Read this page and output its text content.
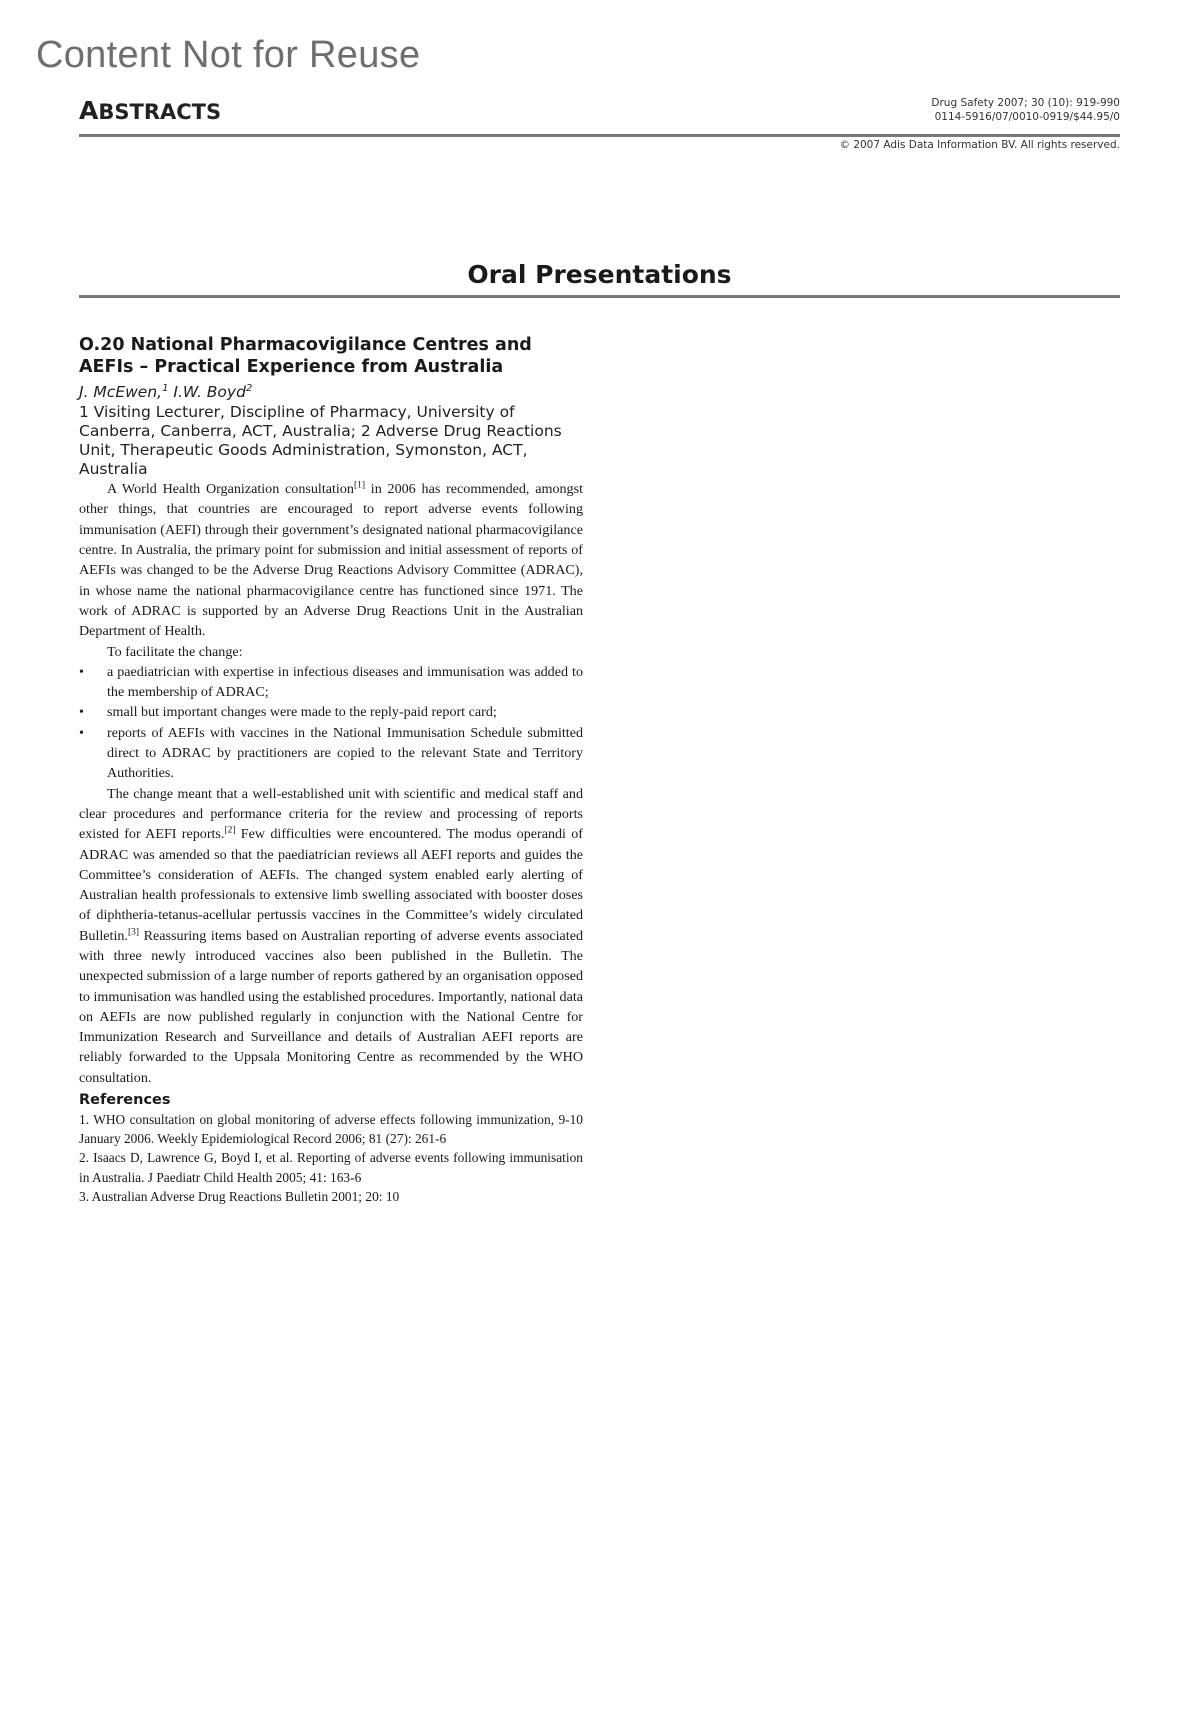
Content Not for Reuse
ABSTRACTS	Drug Safety 2007; 30 (10): 919-990
0114-5916/07/0010-0919/$44.95/0
© 2007 Adis Data Information BV. All rights reserved.
Oral Presentations
O.20 National Pharmacovigilance Centres and AEFIs – Practical Experience from Australia
J. McEwen,$^1$ I.W. Boyd$^2$
1 Visiting Lecturer, Discipline of Pharmacy, University of Canberra, Canberra, ACT, Australia; 2 Adverse Drug Reactions Unit, Therapeutic Goods Administration, Symonston, ACT, Australia

A World Health Organization consultation[1] in 2006 has recommended, amongst other things, that countries are encouraged to report adverse events following immunisation (AEFI) through their government’s designated national pharmacovigilance centre. In Australia, the primary point for submission and initial assessment of reports of AEFIs was changed to be the Adverse Drug Reactions Advisory Committee (ADRAC), in whose name the national pharmacovigilance centre has functioned since 1971. The work of ADRAC is supported by an Adverse Drug Reactions Unit in the Australian Department of Health.

To facilitate the change:

• a paediatrician with expertise in infectious diseases and immunisation was added to the membership of ADRAC;
• small but important changes were made to the reply-paid report card;
• reports of AEFIs with vaccines in the National Immunisation Schedule submitted direct to ADRAC by practitioners are copied to the relevant State and Territory Authorities.

The change meant that a well-established unit with scientific and medical staff and clear procedures and performance criteria for the review and processing of reports existed for AEFI reports.[2] Few difficulties were encountered. The modus operandi of ADRAC was amended so that the paediatrician reviews all AEFI reports and guides the Committee’s consideration of AEFIs. The changed system enabled early alerting of Australian health professionals to extensive limb swelling associated with booster doses of diphtheria-tetanus-acellular pertussis vaccines in the Committee’s widely circulated Bulletin.[3] Reassuring items based on Australian reporting of adverse events associated with three newly introduced vaccines also been published in the Bulletin. The unexpected submission of a large number of reports gathered by an organisation opposed to immunisation was handled using the established procedures. Importantly, national data on AEFIs are now published regularly in conjunction with the National Centre for Immunization Research and Surveillance and details of Australian AEFI reports are reliably forwarded to the Uppsala Monitoring Centre as recommended by the WHO consultation.

References

1. WHO consultation on global monitoring of adverse effects following immunization, 9-10 January 2006. Weekly Epidemiological Record 2006; 81 (27): 261-6

2. Isaacs D, Lawrence G, Boyd I, et al. Reporting of adverse events following immunisation in Australia. J Paediatr Child Health 2005; 41: 163-6

3. Australian Adverse Drug Reactions Bulletin 2001; 20: 10
